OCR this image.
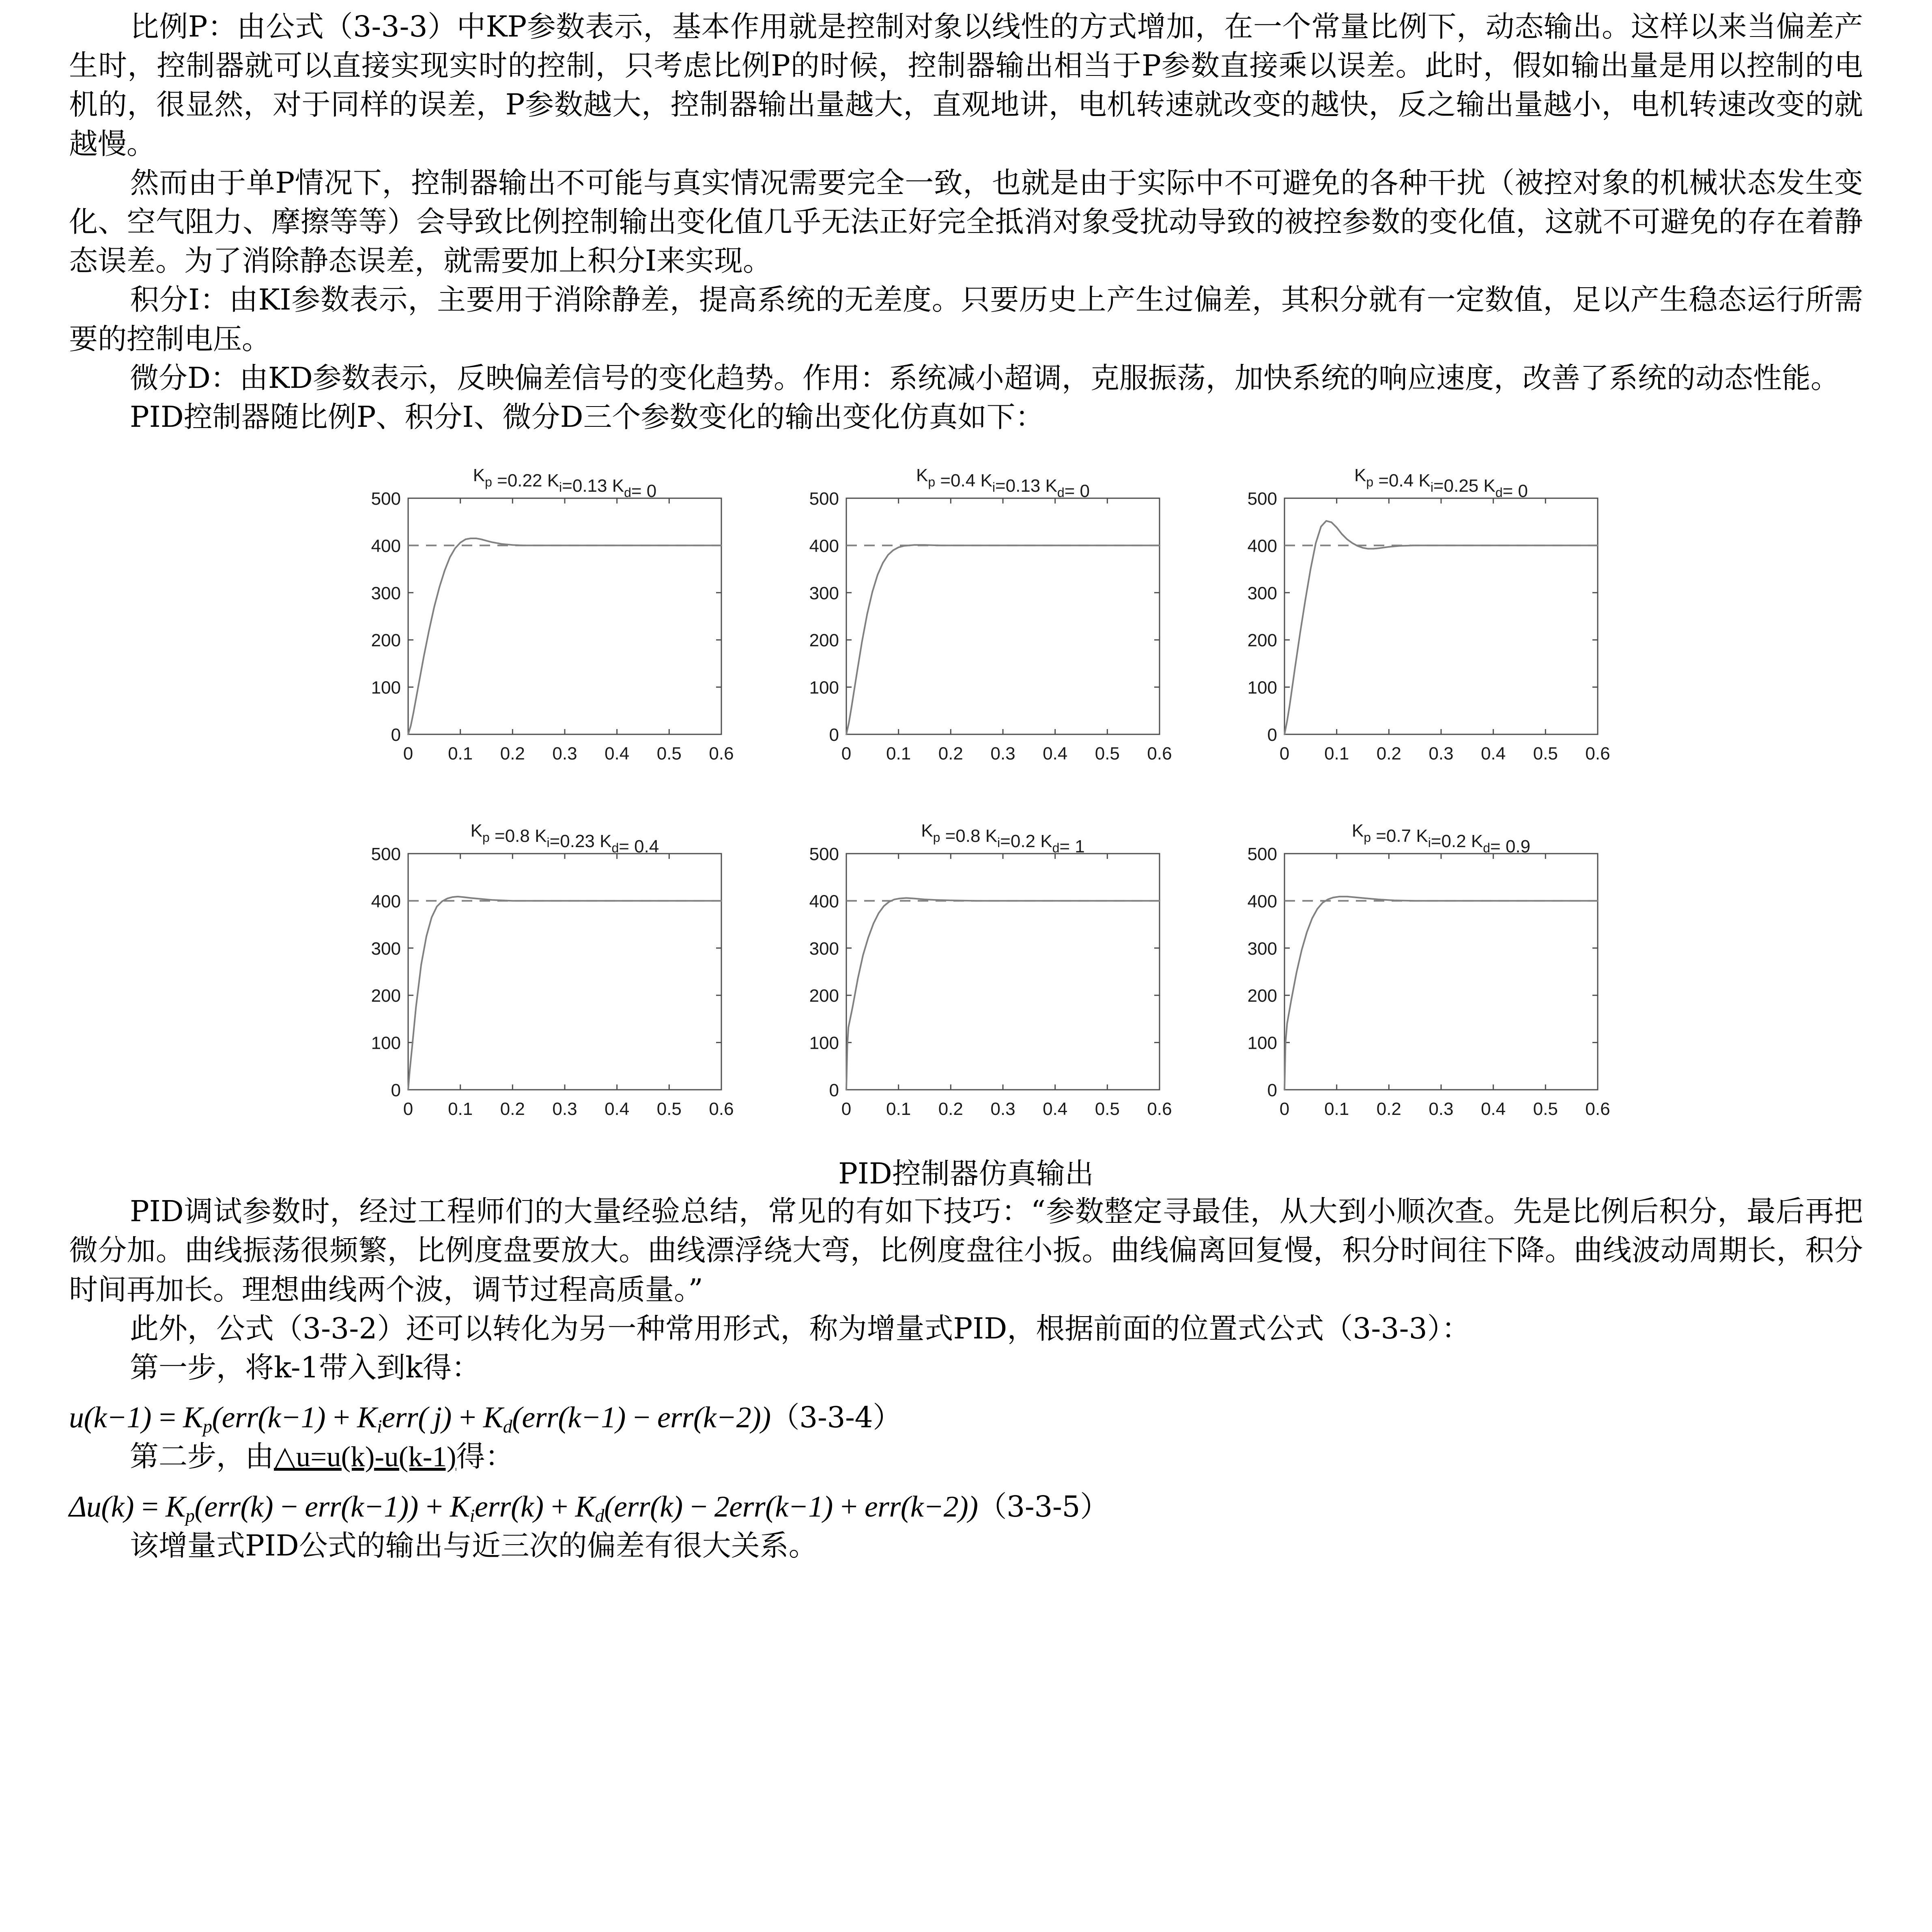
比例P：由公式（3-3-3）中KP参数表示，基本作用就是控制对象以线性的方式增加，在一个常量比例下，动态输出。这样以来当偏差产生时，控制器就可以直接实现实时的控制，只考虑比例P的时候，控制器输出相当于P参数直接乘以误差。此时，假如输出量是用以控制的电机的，很显然，对于同样的误差，P参数越大，控制器输出量越大，直观地讲，电机转速就改变的越快，反之输出量越小，电机转速改变的就越慢。

然而由于单P情况下，控制器输出不可能与真实情况需要完全一致，也就是由于实际中不可避免的各种干扰（被控对象的机械状态发生变化、空气阻力、摩擦等等）会导致比例控制输出变化值几乎无法正好完全抵消对象受扰动导致的被控参数的变化值，这就不可避免的存在着静态误差。为了消除静态误差，就需要加上积分I来实现。

积分I：由KI参数表示，主要用于消除静差，提高系统的无差度。只要历史上产生过偏差，其积分就有一定数值，足以产生稳态运行所需要的控制电压。

微分D：由KD参数表示，反映偏差信号的变化趋势。作用：系统减小超调，克服振荡，加快系统的响应速度，改善了系统的动态性能。

PID控制器随比例P、积分I、微分D三个参数变化的输出变化仿真如下：

$K_p =0.22$ $K_i=0.13$ $K_d= 0$
0 0.1 0.2 0.3 0.4 0.5 0.6
0
100
200
300
400
500
$K_p =0.4$ $K_i=0.13$ $K_d= 0$
0 0.1 0.2 0.3 0.4 0.5 0.6
0
100
200
300
400
500
$K_p =0.4$ $K_i=0.25$ $K_d= 0$
0 0.1 0.2 0.3 0.4 0.5 0.6
0
100
200
300
400
500
$K_p =0.8$ $K_i=0.23$ $K_d= 0.4$
0 0.1 0.2 0.3 0.4 0.5 0.6
0
100
200
300
400
500
$K_p =0.8$ $K_i=0.2$ $K_d= 1$
0 0.1 0.2 0.3 0.4 0.5 0.6
0
100
200
300
400
500
$K_p =0.7$ $K_i=0.2$ $K_d= 0.9$
0 0.1 0.2 0.3 0.4 0.5 0.6
0
100
200
300
400
500
PID控制器仿真输出

PID调试参数时，经过工程师们的大量经验总结，常见的有如下技巧：“参数整定寻最佳，从大到小顺次查。先是比例后积分，最后再把微分加。曲线振荡很频繁，比例度盘要放大。曲线漂浮绕大弯，比例度盘往小扳。曲线偏离回复慢，积分时间往下降。曲线波动周期长，积分时间再加长。理想曲线两个波，调节过程高质量。”

此外，公式（3-3-2）还可以转化为另一种常用形式，称为增量式PID，根据前面的位置式公式（3-3-3）：

第一步，将k-1带入到k得：

$u(k-1) = K_p(err(k-1) + K_ierr$( $j) + K_d(err(k-1) - err(k-2))(3-3-4)$

第二步，由△u=u(k)-u(k-1)得：

$\Delta u(k) = K_p(err(k) - err(k-1)) + K_ierr(k) + K_d(err(k) - 2err(k-1) + err(k-2))(3-3-5)$

该增量式PID公式的输出与近三次的偏差有很大关系。
